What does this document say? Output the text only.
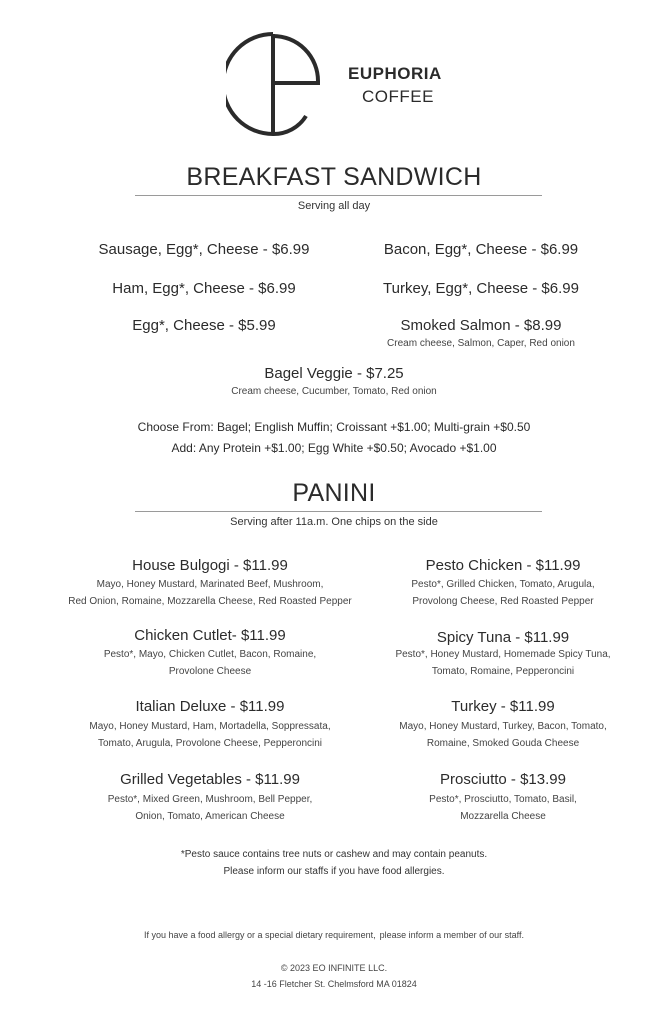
EUPHORIA
COFFEE
BREAKFAST SANDWICH
Serving all day
Sausage, Egg*, Cheese - $6.99	Bacon, Egg*, Cheese - $6.99
Ham, Egg*, Cheese - $6.99	Turkey, Egg*, Cheese - $6.99
Egg*, Cheese - $5.99	Smoked Salmon - $8.99
Cream cheese, Salmon, Caper, Red onion
Bagel Veggie - $7.25
Cream cheese, Cucumber, Tomato, Red onion
Choose From: Bagel; English Muffin; Croissant +$1.00; Multi-grain +$0.50
Add: Any Protein +$1.00; Egg White +$0.50; Avocado +$1.00
PANINI
Serving after 11a.m. One chips on the side
House Bulgogi - $11.99
Mayo, Honey Mustard, Marinated Beef, Mushroom,
Red Onion, Romaine, Mozzarella Cheese, Red Roasted Pepper
Pesto Chicken - $11.99
Pesto*, Grilled Chicken, Tomato, Arugula,
Provolong Cheese, Red Roasted Pepper
Chicken Cutlet- $11.99
Pesto*, Mayo, Chicken Cutlet, Bacon, Romaine,
Provolone Cheese
Spicy Tuna - $11.99
Pesto*, Honey Mustard, Homemade Spicy Tuna,
Tomato, Romaine, Pepperoncini
Italian Deluxe - $11.99
Mayo, Honey Mustard, Ham, Mortadella, Soppressata,
Tomato, Arugula, Provolone Cheese, Pepperoncini
Turkey - $11.99
Mayo, Honey Mustard, Turkey, Bacon, Tomato,
Romaine, Smoked Gouda Cheese
Grilled Vegetables - $11.99
Pesto*, Mixed Green, Mushroom, Bell Pepper,
Onion, Tomato, American Cheese
Prosciutto - $13.99
Pesto*, Prosciutto, Tomato, Basil,
Mozzarella Cheese
*Pesto sauce contains tree nuts or cashew and may contain peanuts.
Please inform our staffs if you have food allergies.
If you have a food allergy or a special dietary requirement, please inform a member of our staff.
© 2023 EO INFINITE LLC.
14 -16 Fletcher St. Chelmsford MA 01824
